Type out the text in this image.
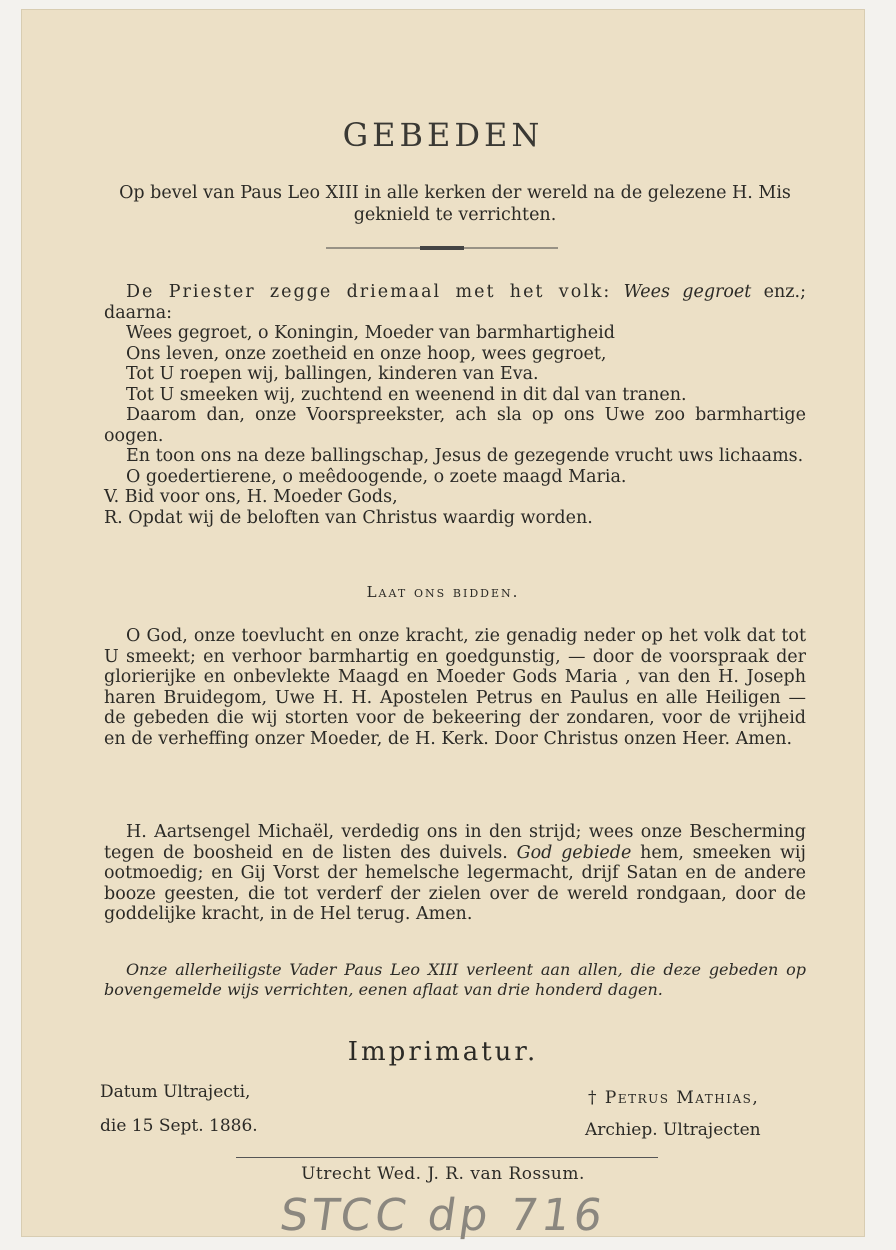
GEBEDEN
Op bevel van Paus Leo XIII in alle kerken der wereld na de gelezene H. Mis geknield te verrichten.

De Priester zegge driemaal met het volk: Wees gegroet enz.; daarna:

Wees gegroet, o Koningin, Moeder van barmhartigheid

Ons leven, onze zoetheid en onze hoop, wees gegroet,

Tot U roepen wij, ballingen, kinderen van Eva.

Tot U smeeken wij, zuchtend en weenend in dit dal van tranen.

Daarom dan, onze Voorspreekster, ach sla op ons Uwe zoo barmhartige oogen.

En toon ons na deze ballingschap, Jesus de gezegende vrucht uws lichaams.

O goedertierene, o meêdoogende, o zoete maagd Maria.

V. Bid voor ons, H. Moeder Gods,

R. Opdat wij de beloften van Christus waardig worden.

Laat ons bidden.

O God, onze toevlucht en onze kracht, zie genadig neder op het volk dat tot U smeekt; en verhoor barmhartig en goedgunstig, — door de voorspraak der glorierijke en onbevlekte Maagd en Moeder Gods Maria , van den H. Joseph haren Bruidegom, Uwe H. H. Apostelen Petrus en Paulus en alle Heiligen — de gebeden die wij storten voor de bekeering der zondaren, voor de vrijheid en de verheffing onzer Moeder, de H. Kerk. Door Christus onzen Heer. Amen.

H. Aartsengel Michaël, verdedig ons in den strijd; wees onze Bescherming tegen de boosheid en de listen des duivels. God gebiede hem, smeeken wij ootmoedig; en Gij Vorst der hemelsche legermacht, drijf Satan en de andere booze geesten, die tot verderf der zielen over de wereld rondgaan, door de goddelijke kracht, in de Hel terug. Amen.

Onze allerheiligste Vader Paus Leo XIII verleent aan allen, die deze gebeden op bovengemelde wijs verrichten, eenen aflaat van drie honderd dagen.
Imprimatur.
Datum Ultrajecti,
die 15 Sept. 1886.
† Petrus Mathias,
Archiep. Ultrajecten
Utrecht Wed. J. R. van Rossum.
STCC dp 716
